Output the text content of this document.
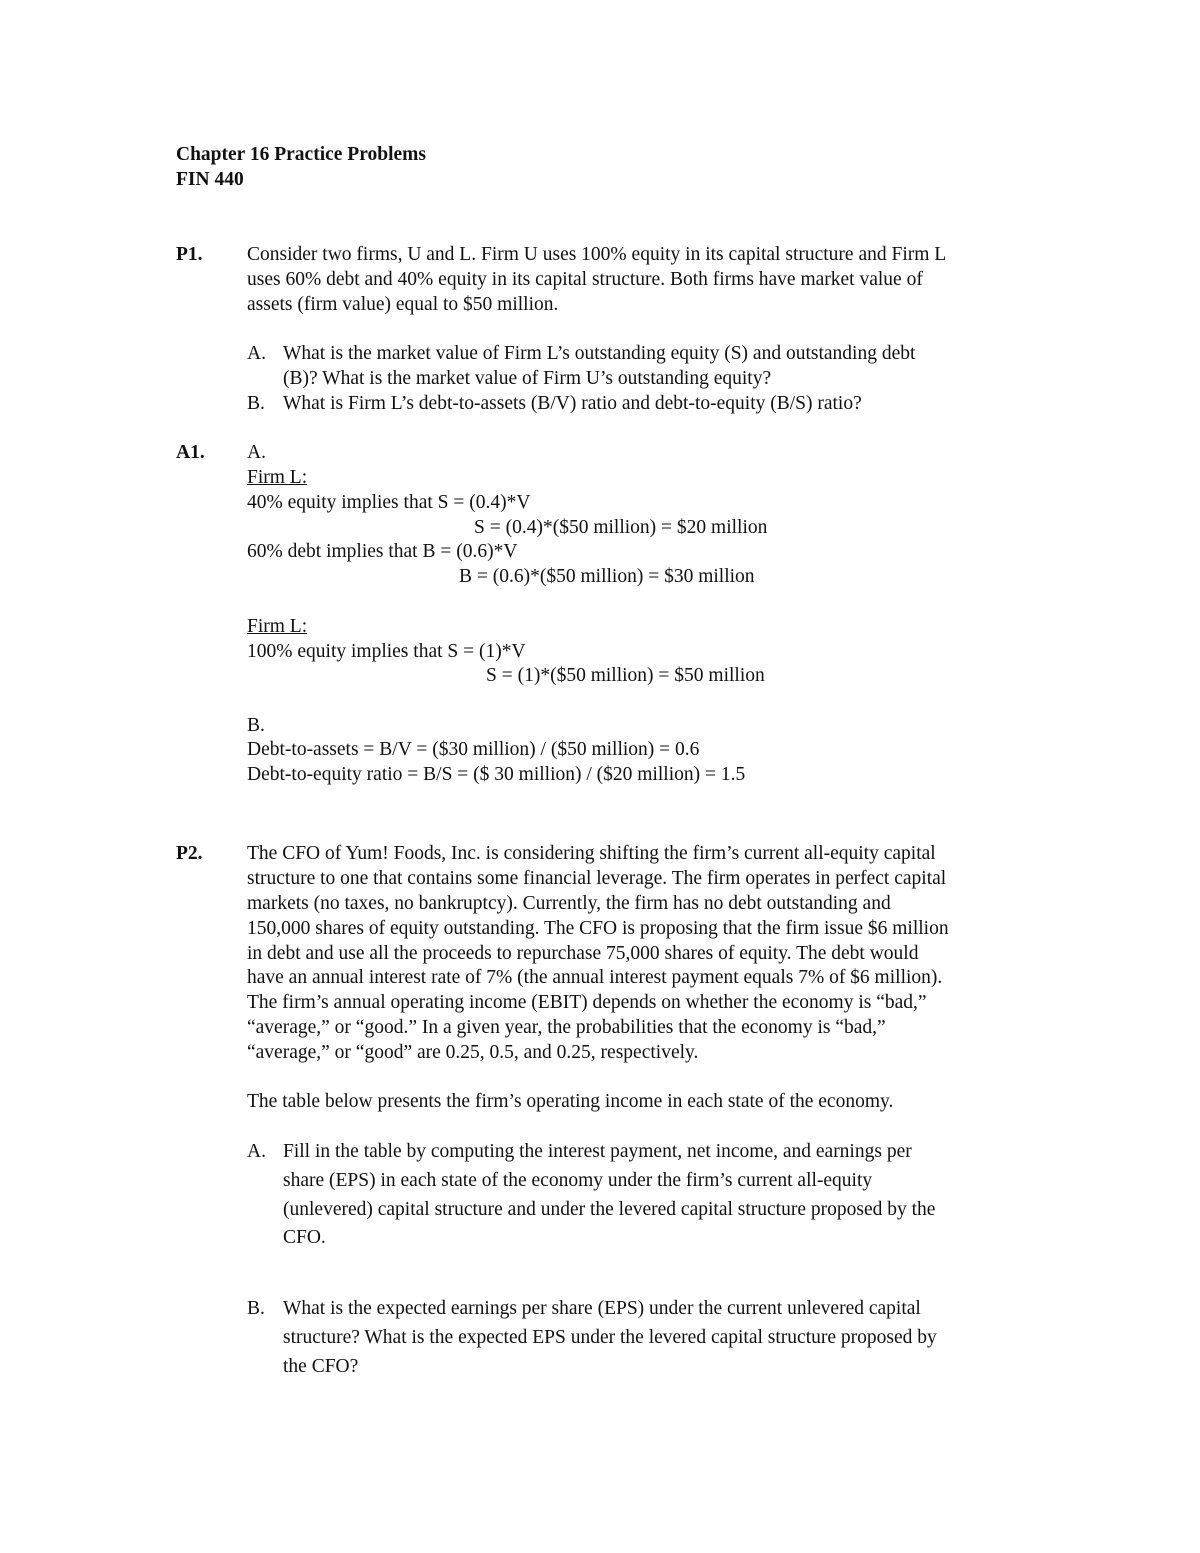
Chapter 16 Practice Problems
FIN 440
P1. Consider two firms, U and L. Firm U uses 100% equity in its capital structure and Firm L
uses 60% debt and 40% equity in its capital structure. Both firms have market value of
assets (firm value) equal to $50 million.
A. What is the market value of Firm L’s outstanding equity (S) and outstanding debt
(B)? What is the market value of Firm U’s outstanding equity?
B. What is Firm L’s debt-to-assets (B/V) ratio and debt-to-equity (B/S) ratio?
A1. A.
Firm L:
40% equity implies that S = (0.4)*V
S = (0.4)*($50 million) = $20 million
60% debt implies that B = (0.6)*V
B = (0.6)*($50 million) = $30 million
Firm L:
100% equity implies that S = (1)*V
S = (1)*($50 million) = $50 million
B.
Debt-to-assets = B/V = ($30 million) / ($50 million) = 0.6
Debt-to-equity ratio = B/S = ($ 30 million) / ($20 million) = 1.5
P2. The CFO of Yum! Foods, Inc. is considering shifting the firm’s current all-equity capital
structure to one that contains some financial leverage. The firm operates in perfect capital
markets (no taxes, no bankruptcy). Currently, the firm has no debt outstanding and
150,000 shares of equity outstanding. The CFO is proposing that the firm issue $6 million
in debt and use all the proceeds to repurchase 75,000 shares of equity. The debt would
have an annual interest rate of 7% (the annual interest payment equals 7% of $6 million).
The firm’s annual operating income (EBIT) depends on whether the economy is “bad,”
“average,” or “good.” In a given year, the probabilities that the economy is “bad,”
“average,” or “good” are 0.25, 0.5, and 0.25, respectively.
The table below presents the firm’s operating income in each state of the economy.
A. Fill in the table by computing the interest payment, net income, and earnings per
share (EPS) in each state of the economy under the firm’s current all-equity
(unlevered) capital structure and under the levered capital structure proposed by the
CFO.
B. What is the expected earnings per share (EPS) under the current unlevered capital
structure? What is the expected EPS under the levered capital structure proposed by
the CFO?
